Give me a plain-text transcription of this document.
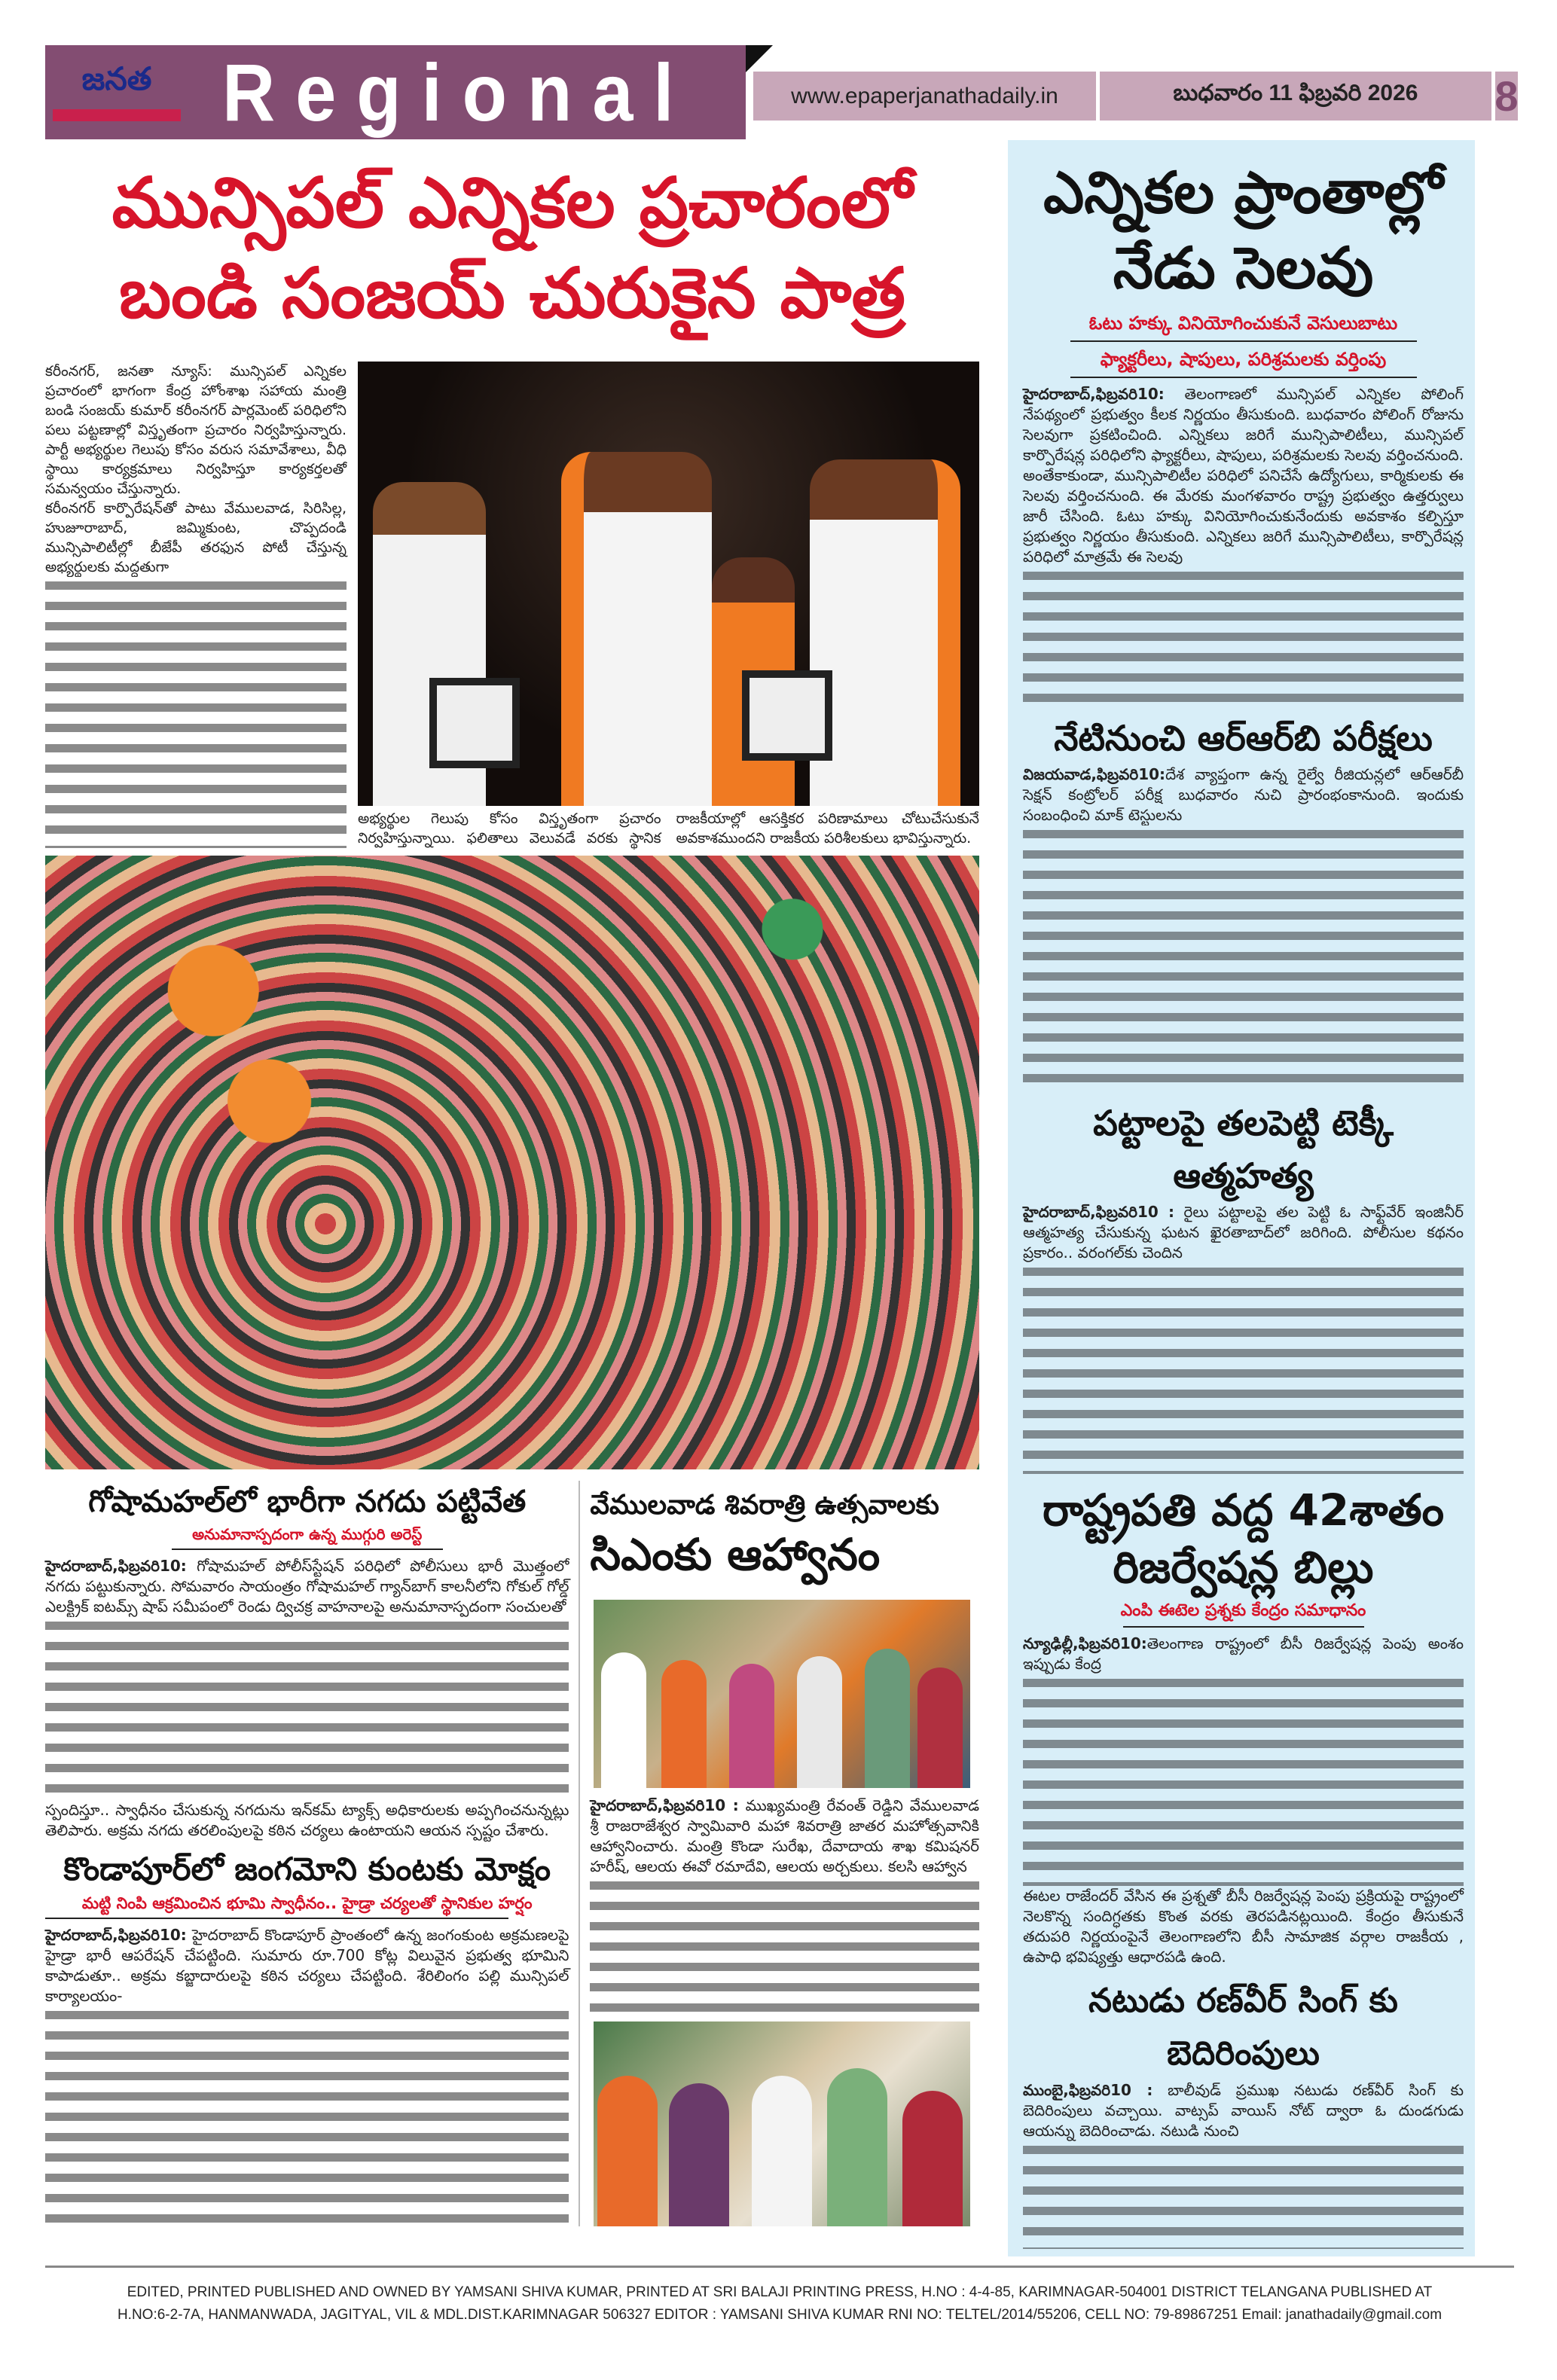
జనత Regional	www.epaperjanathadaily.in	బుధవారం 11 ఫిబ్రవరి 2026	8
మున్సిపల్ ఎన్నికల ప్రచారంలో
బండి సంజయ్ చురుకైన పాత్ర

కరీంనగర్, జనతా న్యూస్: మున్సిపల్ ఎన్నికల ప్రచారంలో భాగంగా కేంద్ర హోంశాఖ సహాయ మంత్రి బండి సంజయ్ కుమార్ కరీంనగర్ పార్లమెంట్ పరిధిలోని పలు పట్టణాల్లో విస్తృతంగా ప్రచారం నిర్వహిస్తున్నారు. పార్టీ అభ్యర్థుల గెలుపు కోసం వరుస సమావేశాలు, వీధి స్థాయి కార్యక్రమాలు నిర్వహిస్తూ కార్యకర్తలతో సమన్వయం చేస్తున్నారు.

కరీంనగర్ కార్పొరేషన్‌తో పాటు వేములవాడ, సిరిసిల్ల, హుజూరాబాద్, జమ్మికుంట, చొప్పదండి మున్సిపాలిటీల్లో బీజేపీ తరఫున పోటీ చేస్తున్న అభ్యర్థులకు మద్దతుగా

అభ్యర్థుల గెలుపు కోసం విస్తృతంగా ప్రచారం నిర్వహిస్తున్నాయి. ఫలితాలు వెలువడే వరకు స్థానిక రాజకీయాల్లో ఆసక్తికర పరిణామాలు చోటుచేసుకునే అవకాశముందని రాజకీయ పరిశీలకులు భావిస్తున్నారు.
గోషామహల్‌లో భారీగా నగదు పట్టివేత
అనుమానాస్పదంగా ఉన్న ముగ్గురి అరెస్ట్
హైదరాబాద్,ఫిబ్రవరి10: గోషామహల్ పోలీస్‌స్టేషన్ పరిధిలో పోలీసులు భారీ మొత్తంలో నగదు పట్టుకున్నారు. సోమవారం సాయంత్రం గోషామహల్ గ్యాన్‌బాగ్ కాలనీలోని గోకుల్ గోల్డ్ ఎలక్ట్రిక్ ఐటమ్స్ షాప్ సమీపంలో రెండు ద్విచక్ర వాహనాలపై అనుమానాస్పదంగా సంచులతో
స్పందిస్తూ.. స్వాధీనం చేసుకున్న నగదును ఇన్‌కమ్ ట్యాక్స్ అధికారులకు అప్పగించనున్నట్లు తెలిపారు. అక్రమ నగదు తరలింపులపై కఠిన చర్యలు ఉంటాయని ఆయన స్పష్టం చేశారు.
కొండాపూర్‌లో జంగమోని కుంటకు మోక్షం
మట్టి నింపి ఆక్రమించిన భూమి స్వాధీనం.. హైడ్రా చర్యలతో స్థానికుల హర్షం
హైదరాబాద్,ఫిబ్రవరి10: హైదరాబాద్ కొండాపూర్ ప్రాంతంలో ఉన్న జంగంకుంట అక్రమణలపై హైడ్రా భారీ ఆపరేషన్ చేపట్టింది. సుమారు రూ.700 కోట్ల విలువైన ప్రభుత్వ భూమిని కాపాడుతూ.. అక్రమ కబ్జాదారులపై కఠిన చర్యలు చేపట్టింది. శేరిలింగం పల్లి మున్సిపల్ కార్యాలయం-
వేములవాడ శివరాత్రి ఉత్సవాలకు
సిఎంకు ఆహ్వానం
హైదరాబాద్,ఫిబ్రవరి10 : ముఖ్యమంత్రి రేవంత్ రెడ్డిని వేములవాడ శ్రీ రాజరాజేశ్వర స్వామివారి మహా శివరాత్రి జాతర మహోత్సవానికి ఆహ్వానించారు. మంత్రి కొండా సురేఖ, దేవాదాయ శాఖ కమిషనర్ హరీష్, ఆలయ ఈవో రమాదేవి, ఆలయ అర్చకులు. కలసి ఆహ్వాన
ఎన్నికల ప్రాంతాల్లో
నేడు సెలవు
ఓటు హక్కు వినియోగించుకునే వెసులుబాటు
ఫ్యాక్టరీలు, షాపులు, పరిశ్రమలకు వర్తింపు
హైదరాబాద్,ఫిబ్రవరి10: తెలంగాణలో మున్సిపల్ ఎన్నికల పోలింగ్ నేపథ్యంలో ప్రభుత్వం కీలక నిర్ణయం తీసుకుంది. బుధవారం పోలింగ్ రోజును సెలవుగా ప్రకటించింది. ఎన్నికలు జరిగే మున్సిపాలిటీలు, మున్సిపల్ కార్పొరేషన్ల పరిధిలోని ఫ్యాక్టరీలు, షాపులు, పరిశ్రమలకు సెలవు వర్తించనుంది. అంతేకాకుండా, మున్సిపాలిటీల పరిధిలో పనిచేసే ఉద్యోగులు, కార్మికులకు ఈ సెలవు వర్తించనుంది. ఈ మేరకు మంగళవారం రాష్ట్ర ప్రభుత్వం ఉత్తర్వులు జారీ చేసింది. ఓటు హక్కు వినియోగించుకునేందుకు అవకాశం కల్పిస్తూ ప్రభుత్వం నిర్ణయం తీసుకుంది. ఎన్నికలు జరిగే మున్సిపాలిటీలు, కార్పొరేషన్ల పరిధిలో మాత్రమే ఈ సెలవు
నేటినుంచి ఆర్ఆర్‌బి పరీక్షలు
విజయవాడ,ఫిబ్రవరి10:దేశ వ్యాప్తంగా ఉన్న రైల్వే రీజియన్లలో ఆర్ఆర్‌బీ సెక్షన్ కంట్రోలర్ పరీక్ష బుధవారం నుచి ప్రారంభంకానుంది. ఇందుకు సంబంధించి మాక్ టెస్టులను
పట్టాలపై తలపెట్టి టెక్కీ ఆత్మహత్య
హైదరాబాద్,ఫిబ్రవరి10 : రైలు పట్టాలపై తల పెట్టి ఓ సాఫ్ట్‌వేర్ ఇంజినీర్ ఆత్మహత్య చేసుకున్న ఘటన ఖైరతాబాద్‌లో జరిగింది. పోలీసుల కథనం ప్రకారం.. వరంగల్‌కు చెందిన
రాష్ట్రపతి వద్ద 42శాతం
రిజర్వేషన్ల బిల్లు
ఎంపి ఈటెల ప్రశ్నకు కేంద్రం సమాధానం
న్యూఢిల్లీ,ఫిబ్రవరి10:తెలంగాణ రాష్ట్రంలో బీసీ రిజర్వేషన్ల పెంపు అంశం ఇప్పుడు కేంద్ర
ఈటల రాజేందర్ వేసిన ఈ ప్రశ్నతో బీసీ రిజర్వేషన్ల పెంపు ప్రక్రియపై రాష్ట్రంలో నెలకొన్న సందిగ్ధతకు కొంత వరకు తెరపడినట్లయింది. కేంద్రం తీసుకునే తదుపరి నిర్ణయంపైనే తెలంగాణలోని బీసీ సామాజిక వర్గాల రాజకీయ , ఉపాధి భవిష్యత్తు ఆధారపడి ఉంది.
నటుడు రణ్‌వీర్ సింగ్ కు బెదిరింపులు
ముంబై,ఫిబ్రవరి10 : బాలీవుడ్ ప్రముఖ నటుడు రణ్‌వీర్ సింగ్ కు బెదిరింపులు వచ్చాయి. వాట్సప్ వాయిస్ నోట్ ద్వారా ఓ దుండగుడు ఆయన్ను బెదిరించాడు. నటుడి నుంచి
EDITED, PRINTED PUBLISHED AND OWNED BY YAMSANI SHIVA KUMAR, PRINTED AT SRI BALAJI PRINTING PRESS, H.NO : 4-4-85, KARIMNAGAR-504001 DISTRICT TELANGANA PUBLISHED AT
H.NO:6-2-7A, HANMANWADA, JAGITYAL, VIL & MDL.DIST.KARIMNAGAR 506327 EDITOR : YAMSANI SHIVA KUMAR RNI NO: TELTEL/2014/55206, CELL NO: 79-89867251 Email: janathadaily@gmail.com
